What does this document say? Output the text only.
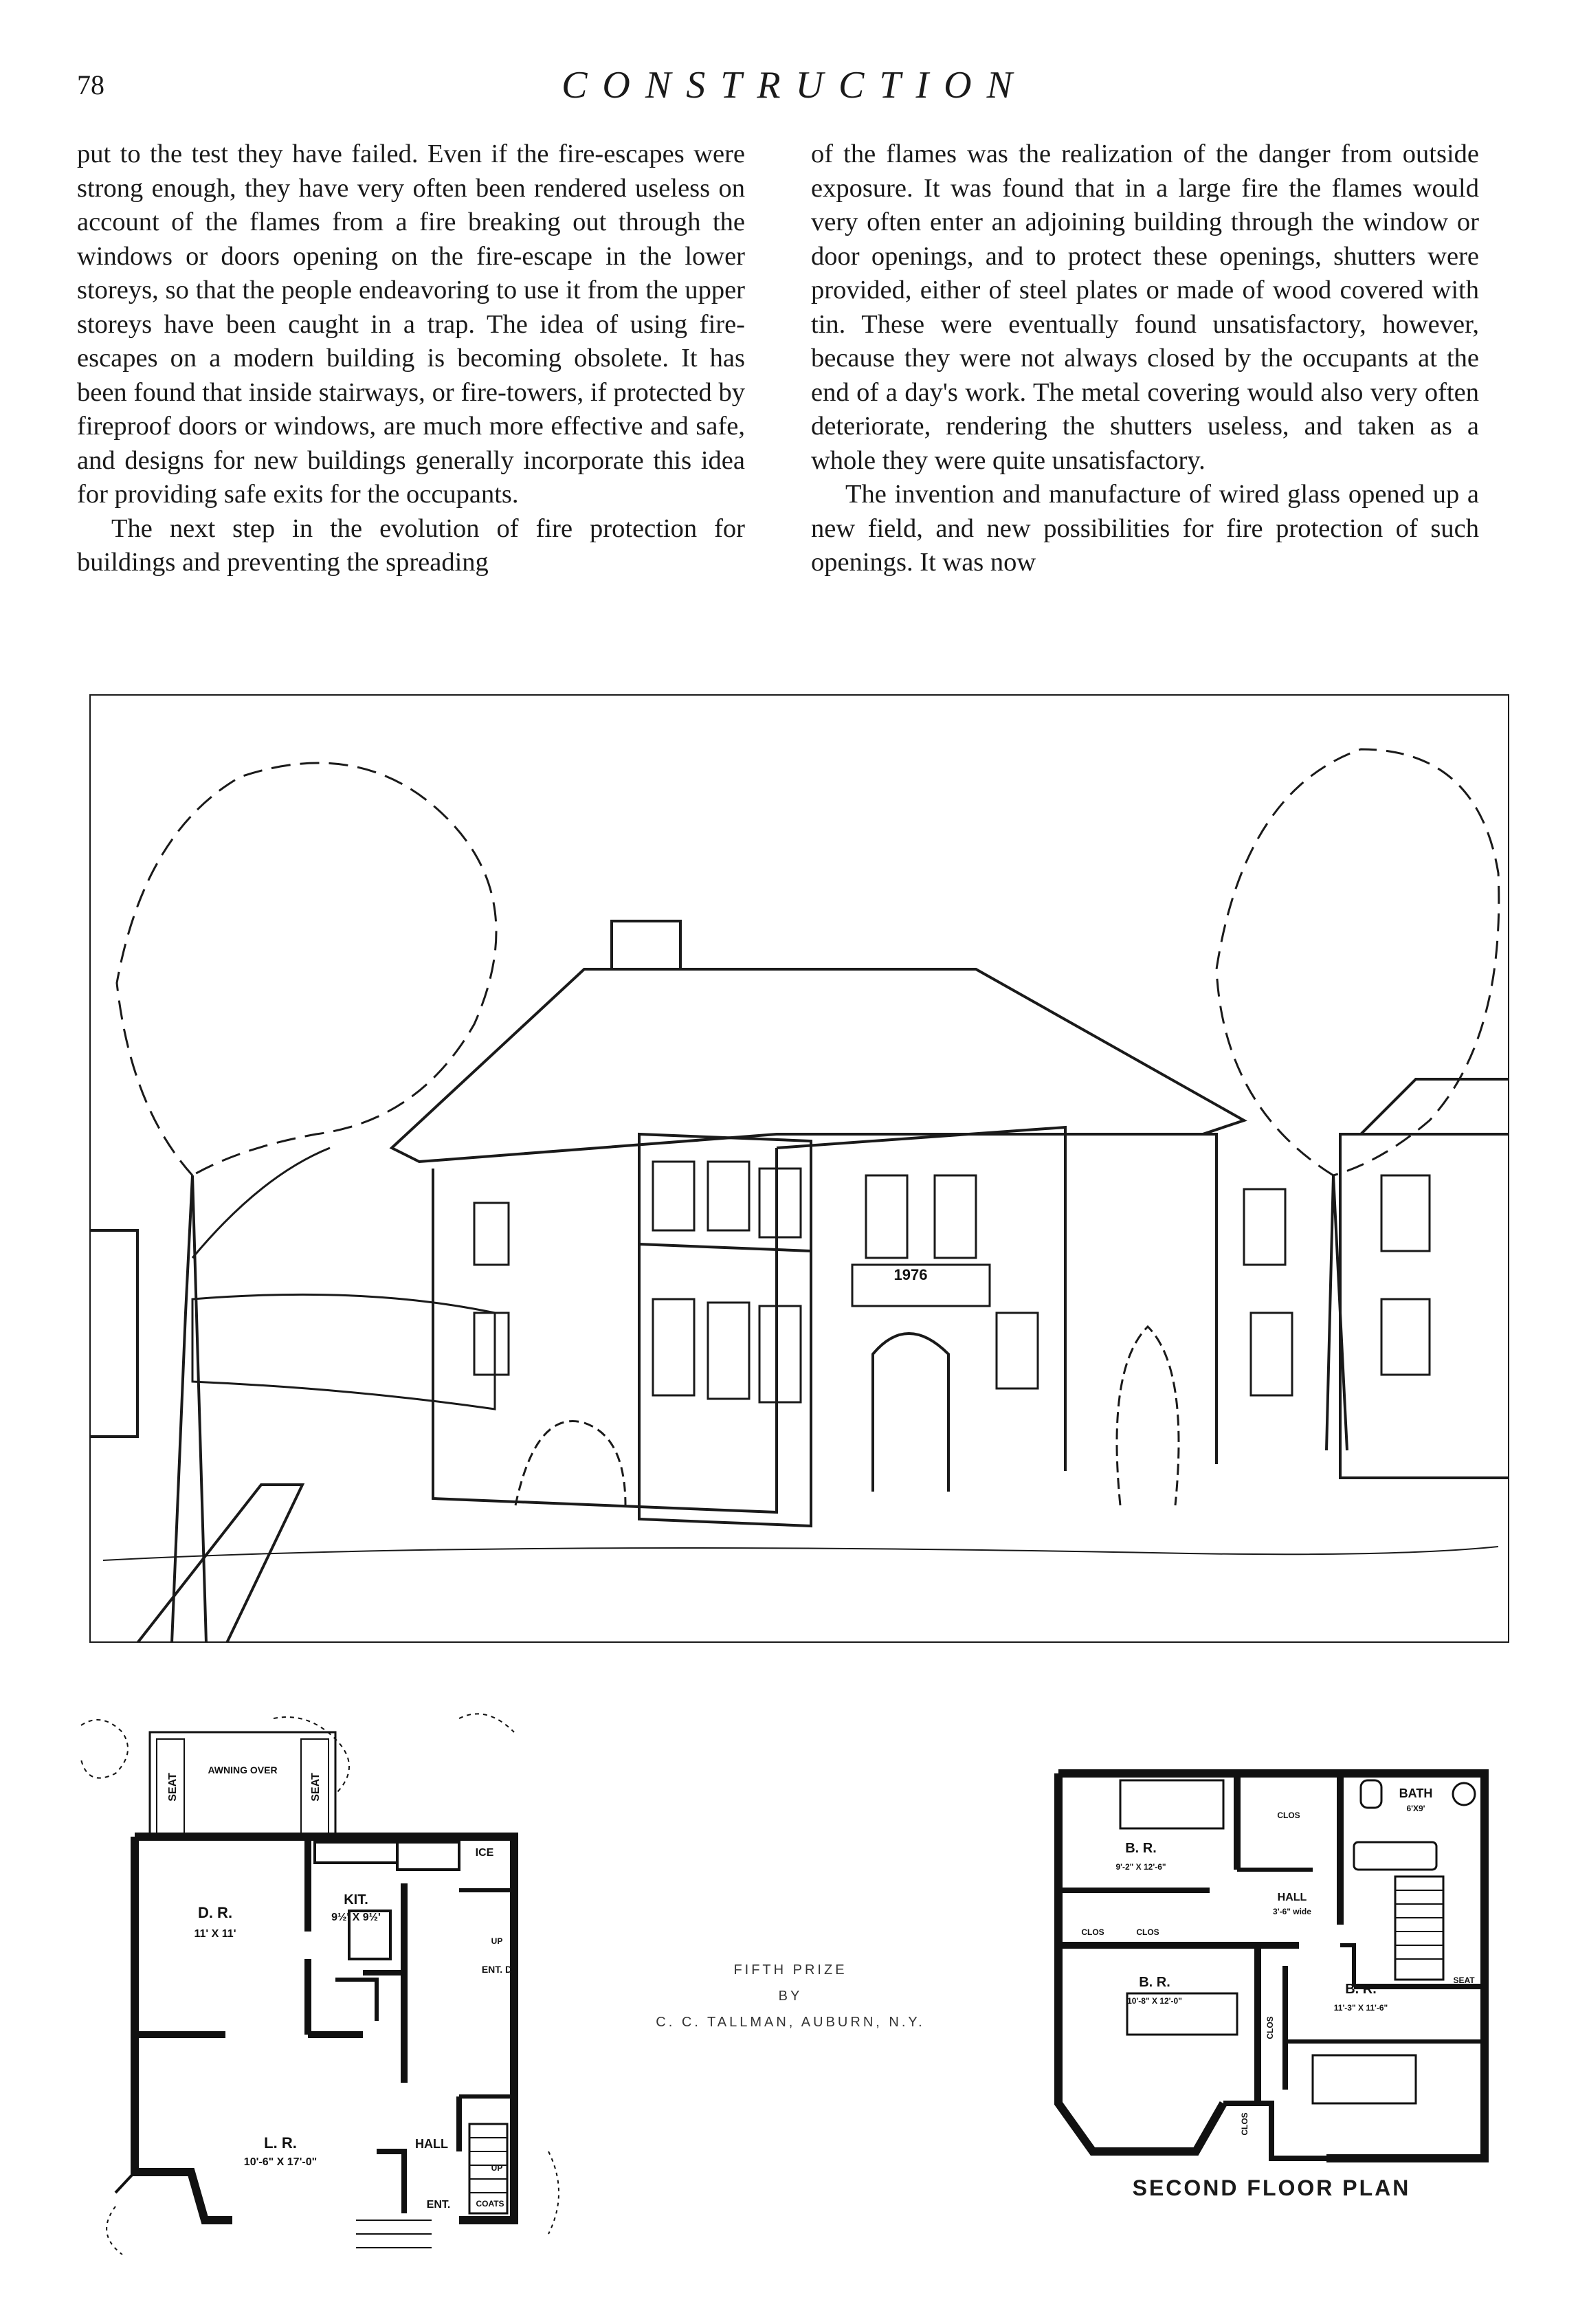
78	CONSTRUCTION

put to the test they have failed. Even if the fire-escapes were strong enough, they have very often been rendered useless on account of the flames from a fire breaking out through the windows or doors opening on the fire-escape in the lower storeys, so that the people endeavoring to use it from the upper storeys have been caught in a trap. The idea of using fire-escapes on a modern building is becoming obsolete. It has been found that inside stairways, or fire-towers, if protected by fireproof doors or windows, are much more effective and safe, and designs for new buildings generally incorporate this idea for providing safe exits for the occupants.

The next step in the evolution of fire protection for buildings and preventing the spreading

of the flames was the realization of the danger from outside exposure. It was found that in a large fire the flames would very often enter an adjoining building through the window or door openings, and to protect these openings, shutters were provided, either of steel plates or made of wood covered with tin. These were eventually found unsatisfactory, however, because they were not always closed by the occupants at the end of a day's work. The metal covering would also very often deteriorate, rendering the shutters useless, and taken as a whole they were quite unsatisfactory.

The invention and manufacture of wired glass opened up a new field, and new possibilities for fire protection of such openings. It was now

1976
SEAT	SEAT
AWNING OVER
ICE
D. R.
11' X 11'
KIT.
9½' X 9½'
ENT. D
UP
L. R.
10'-6" X 17'-0"
HALL
UP
ENT.	COATS
FIFTH PRIZE
BY
C. C. TALLMAN, AUBURN, N.Y.
BATH
6'X9'
CLOS
B. R.
9'-2" X 12'-6"
HALL
3'-6" wide
CLOS	CLOS
CLOS
CLOS
B. R.
10'-8" X 12'-0"
B. R.
11'-3" X 11'-6"
SEAT
SECOND FLOOR PLAN
